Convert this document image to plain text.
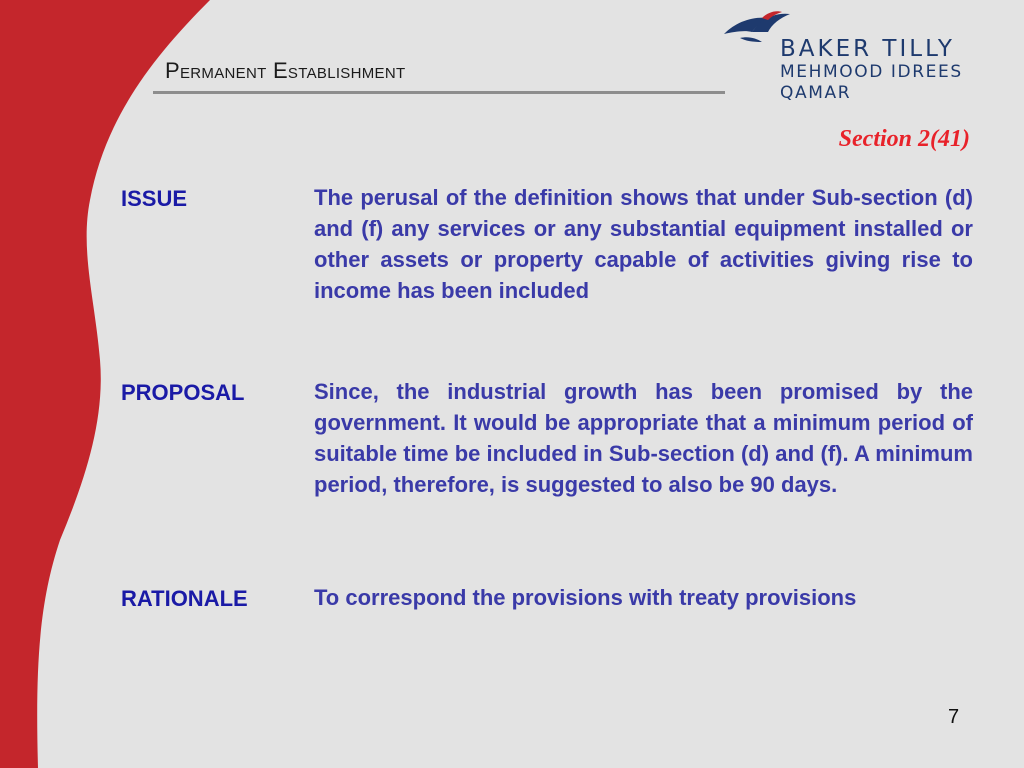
Permanent Establishment
BAKER TILLY
MEHMOOD IDREES
QAMAR
Section 2(41)
ISSUE	The perusal of the definition shows that under Sub-section (d) and (f) any services or any substantial equipment installed or other assets or property capable of activities giving rise to income has been included
PROPOSAL	Since, the industrial growth has been promised by the government. It would be appropriate that a minimum period of suitable time be included in Sub-section (d) and (f). A minimum period, therefore, is suggested to also be 90 days.
RATIONALE	To correspond the provisions with treaty provisions
7
